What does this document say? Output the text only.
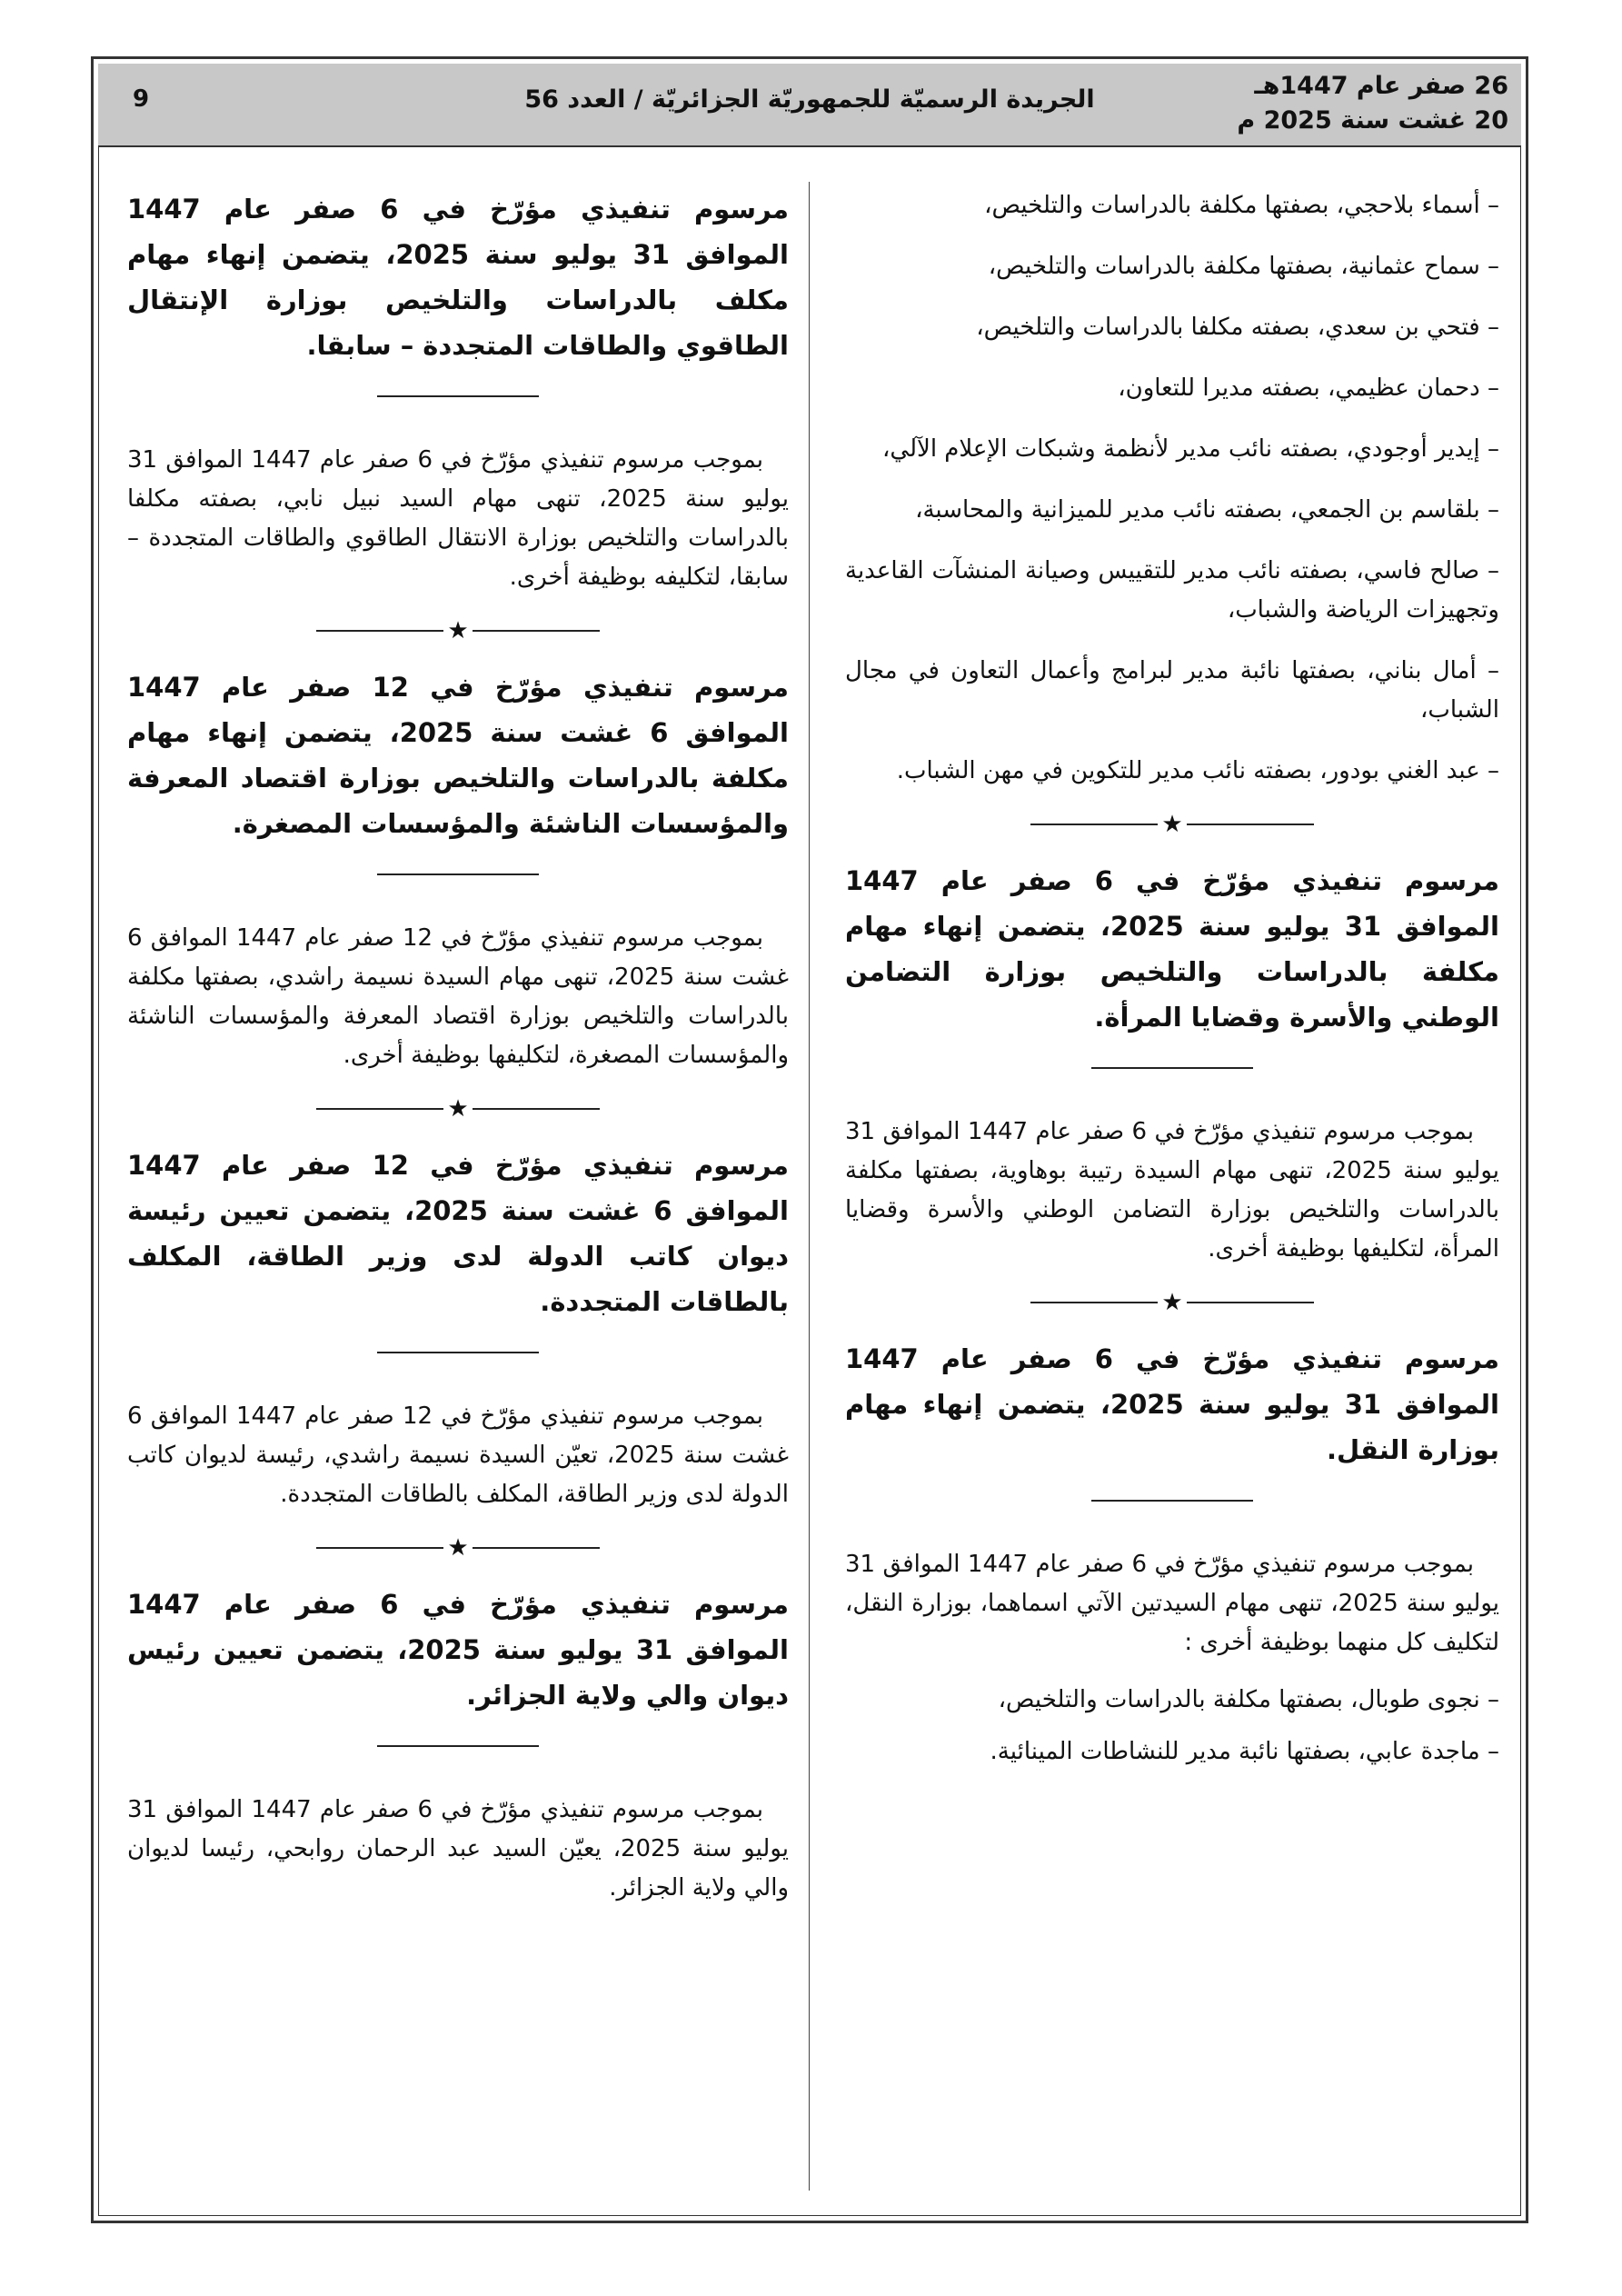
26 صفر عام 1447هـ
20 غشت سنة 2025 م
الجريدة الرسميّة للجمهوريّة الجزائريّة / العدد 56
9

– أسماء بلاحجي، بصفتها مكلفة بالدراسات والتلخيص،

– سماح عثمانية، بصفتها مكلفة بالدراسات والتلخيص،

– فتحي بن سعدي، بصفته مكلفا بالدراسات والتلخيص،

– دحمان عظيمي، بصفته مديرا للتعاون،

– إيدير أوجودي، بصفته نائب مدير لأنظمة وشبكات الإعلام الآلي،

– بلقاسم بن الجمعي، بصفته نائب مدير للميزانية والمحاسبة،

– صالح فاسي، بصفته نائب مدير للتقييس وصيانة المنشآت القاعدية وتجهيزات الرياضة والشباب،

– أمال بناني، بصفتها نائبة مدير لبرامج وأعمال التعاون في مجال الشباب،

– عبد الغني بودور، بصفته نائب مدير للتكوين في مهن الشباب.

★

مرسوم تنفيذي مؤرّخ في 6 صفر عام 1447 الموافق 31 يوليو سنة 2025، يتضمن إنهاء مهام مكلفة بالدراسات والتلخيص بوزارة التضامن الوطني والأسرة وقضايا المرأة.

بموجب مرسوم تنفيذي مؤرّخ في 6 صفر عام 1447 الموافق 31 يوليو سنة 2025، تنهى مهام السيدة رتيبة بوهاوية، بصفتها مكلفة بالدراسات والتلخيص بوزارة التضامن الوطني والأسرة وقضايا المرأة، لتكليفها بوظيفة أخرى.

★

مرسوم تنفيذي مؤرّخ في 6 صفر عام 1447 الموافق 31 يوليو سنة 2025، يتضمن إنهاء مهام بوزارة النقل.

بموجب مرسوم تنفيذي مؤرّخ في 6 صفر عام 1447 الموافق 31 يوليو سنة 2025، تنهى مهام السيدتين الآتي اسماهما، بوزارة النقل، لتكليف كل منهما بوظيفة أخرى :

– نجوى طوبال، بصفتها مكلفة بالدراسات والتلخيص،

– ماجدة عابي، بصفتها نائبة مدير للنشاطات المينائية.

مرسوم تنفيذي مؤرّخ في 6 صفر عام 1447 الموافق 31 يوليو سنة 2025، يتضمن إنهاء مهام مكلف بالدراسات والتلخيص بوزارة الإنتقال الطاقوي والطاقات المتجددة – سابقا.

بموجب مرسوم تنفيذي مؤرّخ في 6 صفر عام 1447 الموافق 31 يوليو سنة 2025، تنهى مهام السيد نبيل نابي، بصفته مكلفا بالدراسات والتلخيص بوزارة الانتقال الطاقوي والطاقات المتجددة – سابقا، لتكليفه بوظيفة أخرى.

★

مرسوم تنفيذي مؤرّخ في 12 صفر عام 1447 الموافق 6 غشت سنة 2025، يتضمن إنهاء مهام مكلفة بالدراسات والتلخيص بوزارة اقتصاد المعرفة والمؤسسات الناشئة والمؤسسات المصغرة.

بموجب مرسوم تنفيذي مؤرّخ في 12 صفر عام 1447 الموافق 6 غشت سنة 2025، تنهى مهام السيدة نسيمة راشدي، بصفتها مكلفة بالدراسات والتلخيص بوزارة اقتصاد المعرفة والمؤسسات الناشئة والمؤسسات المصغرة، لتكليفها بوظيفة أخرى.

★

مرسوم تنفيذي مؤرّخ في 12 صفر عام 1447 الموافق 6 غشت سنة 2025، يتضمن تعيين رئيسة ديوان كاتب الدولة لدى وزير الطاقة، المكلف بالطاقات المتجددة.

بموجب مرسوم تنفيذي مؤرّخ في 12 صفر عام 1447 الموافق 6 غشت سنة 2025، تعيّن السيدة نسيمة راشدي، رئيسة لديوان كاتب الدولة لدى وزير الطاقة، المكلف بالطاقات المتجددة.

★

مرسوم تنفيذي مؤرّخ في 6 صفر عام 1447 الموافق 31 يوليو سنة 2025، يتضمن تعيين رئيس ديوان والي ولاية الجزائر.

بموجب مرسوم تنفيذي مؤرّخ في 6 صفر عام 1447 الموافق 31 يوليو سنة 2025، يعيّن السيد عبد الرحمان روابحي، رئيسا لديوان والي ولاية الجزائر.
